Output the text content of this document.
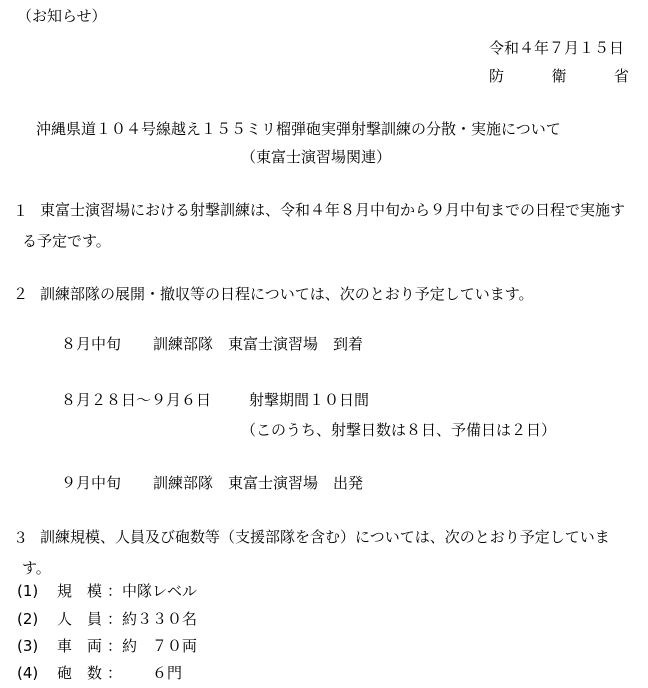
（お知らせ）
令和４年７月１５日
防　　衛　　省
沖縄県道１０４号線越え１５５ミリ榴弾砲実弾射撃訓練の分散・実施について
（東富士演習場関連）
１ 東富士演習場における射撃訓練は、令和４年８月中旬から９月中旬までの日程で実施する予定です。
２ 訓練部隊の展開・撤収等の日程については、次のとおり予定しています。
８月中旬 訓練部隊　東富士演習場　到着
８月２８日～９月６日	射撃期間１０日間
（このうち、射撃日数は８日、予備日は２日）
９月中旬 訓練部隊　東富士演習場　出発
３ 訓練規模、人員及び砲数等（支援部隊を含む）については、次のとおり予定しています。
(1) 規　模 ： 中隊レベル
(2) 人　員 ： 約３３０名
(3) 車　両 ： 約　７０両
(4) 砲　数 ： 　　６門
